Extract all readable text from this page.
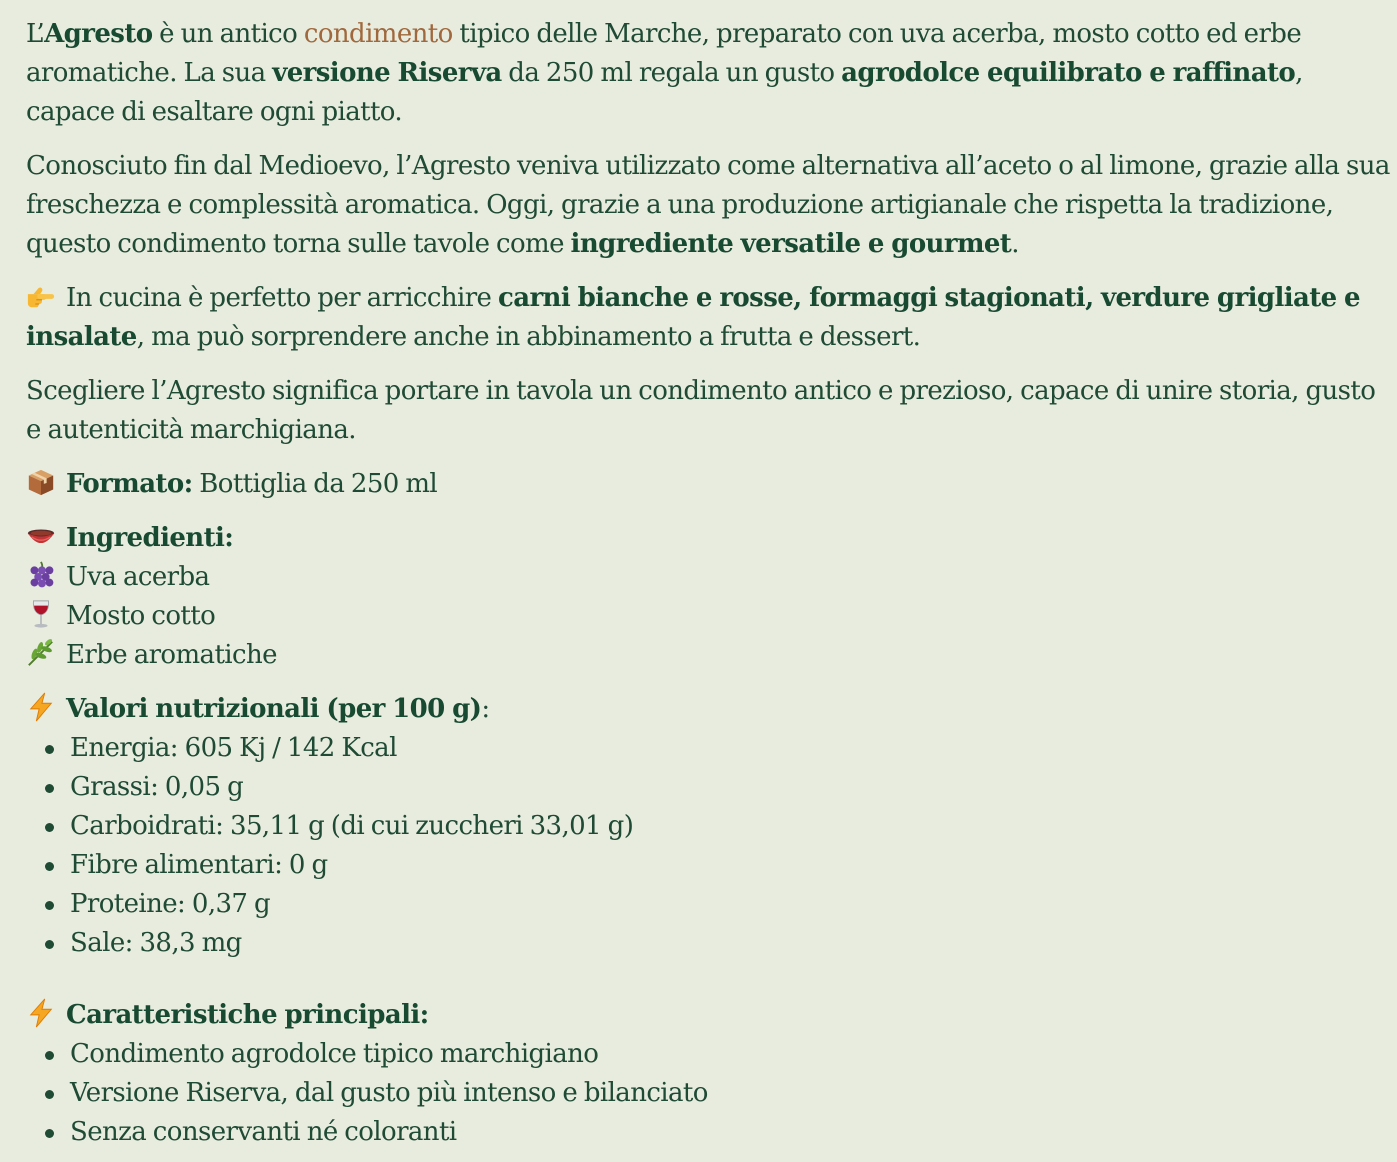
L’Agresto è un antico condimento tipico delle Marche, preparato con uva acerba, mosto cotto ed erbe aromatiche. La sua versione Riserva da 250 ml regala un gusto agrodolce equilibrato e raffinato, capace di esaltare ogni piatto.

Conosciuto fin dal Medioevo, l’Agresto veniva utilizzato come alternativa all’aceto o al limone, grazie alla sua freschezza e complessità aromatica. Oggi, grazie a una produzione artigianale che rispetta la tradizione, questo condimento torna sulle tavole come ingrediente versatile e gourmet.

In cucina è perfetto per arricchire carni bianche e rosse, formaggi stagionati, verdure grigliate e insalate, ma può sorprendere anche in abbinamento a frutta e dessert.

Scegliere l’Agresto significa portare in tavola un condimento antico e prezioso, capace di unire storia, gusto e autenticità marchigiana.

Formato: Bottiglia da 250 ml

Ingredienti:
Uva acerba
Mosto cotto
Erbe aromatiche

Valori nutrizionali (per 100 g):
Energia: 605 Kj / 142 Kcal
Grassi: 0,05 g
Carboidrati: 35,11 g (di cui zuccheri 33,01 g)
Fibre alimentari: 0 g
Proteine: 0,37 g
Sale: 38,3 mg
Caratteristiche principali:
Condimento agrodolce tipico marchigiano
Versione Riserva, dal gusto più intenso e bilanciato
Senza conservanti né coloranti
